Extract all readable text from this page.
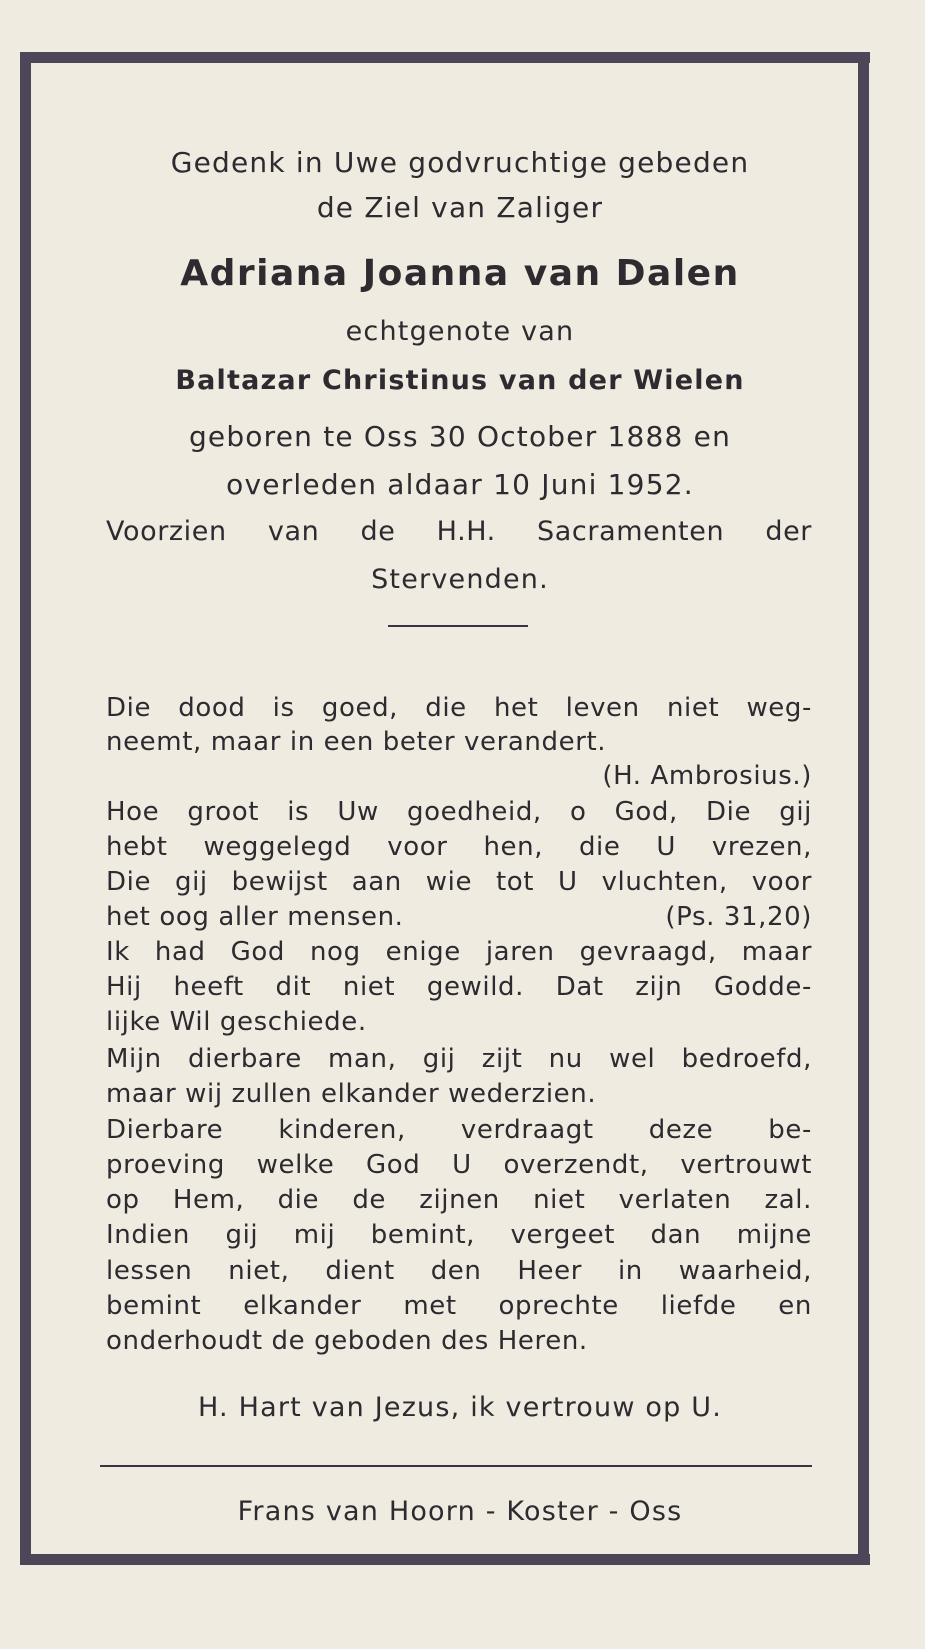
Gedenk in Uwe godvruchtige gebeden

de Ziel van Zaliger

Adriana Joanna van Dalen

echtgenote van

Baltazar Christinus van der Wielen

geboren te Oss 30 October 1888 en

overleden aldaar 10 Juni 1952.

Voorzien van de H.H. Sacramenten der

Stervenden.

Die dood is goed, die het leven niet weg-

neemt, maar in een beter verandert.

(H. Ambrosius.)

Hoe groot is Uw goedheid, o God, Die gij

hebt weggelegd voor hen, die U vrezen,

Die gij bewijst aan wie tot U vluchten, voor

het oog aller mensen.	(Ps. 31,20)

Ik had God nog enige jaren gevraagd, maar

Hij heeft dit niet gewild. Dat zijn Godde-

lijke Wil geschiede.

Mijn dierbare man, gij zijt nu wel bedroefd,

maar wij zullen elkander wederzien.

Dierbare kinderen, verdraagt deze be-

proeving welke God U overzendt, vertrouwt

op Hem, die de zijnen niet verlaten zal.

Indien gij mij bemint, vergeet dan mijne

lessen niet, dient den Heer in waarheid,

bemint elkander met oprechte liefde en

onderhoudt de geboden des Heren.

H. Hart van Jezus, ik vertrouw op U.

Frans van Hoorn - Koster - Oss
